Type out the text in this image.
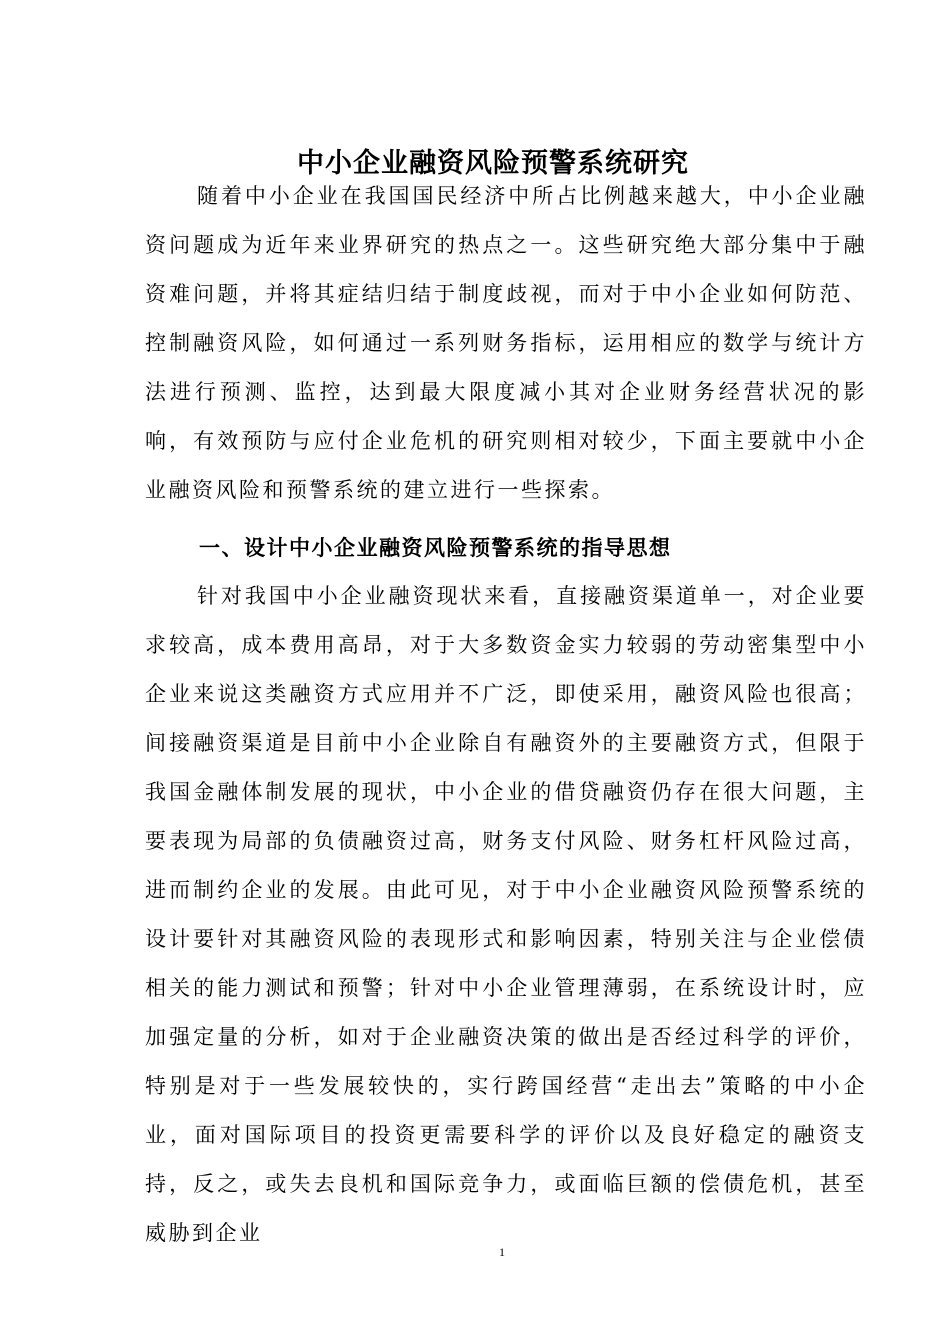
中小企业融资风险预警系统研究

随着中小企业在我国国民经济中所占比例越来越大，中小企业融资问题成为近年来业界研究的热点之一。这些研究绝大部分集中于融资难问题，并将其症结归结于制度歧视，而对于中小企业如何防范、控制融资风险，如何通过一系列财务指标，运用相应的数学与统计方法进行预测、监控，达到最大限度减小其对企业财务经营状况的影响，有效预防与应付企业危机的研究则相对较少，下面主要就中小企业融资风险和预警系统的建立进行一些探索。

一、设计中小企业融资风险预警系统的指导思想

针对我国中小企业融资现状来看，直接融资渠道单一，对企业要求较高，成本费用高昂，对于大多数资金实力较弱的劳动密集型中小企业来说这类融资方式应用并不广泛，即使采用，融资风险也很高；间接融资渠道是目前中小企业除自有融资外的主要融资方式，但限于我国金融体制发展的现状，中小企业的借贷融资仍存在很大问题，主要表现为局部的负债融资过高，财务支付风险、财务杠杆风险过高，进而制约企业的发展。由此可见，对于中小企业融资风险预警系统的设计要针对其融资风险的表现形式和影响因素，特别关注与企业偿债相关的能力测试和预警；针对中小企业管理薄弱，在系统设计时，应加强定量的分析，如对于企业融资决策的做出是否经过科学的评价，特别是对于一些发展较快的，实行跨国经营“走出去”策略的中小企业，面对国际项目的投资更需要科学的评价以及良好稳定的融资支持，反之，或失去良机和国际竞争力，或面临巨额的偿债危机，甚至威胁到企业

1
